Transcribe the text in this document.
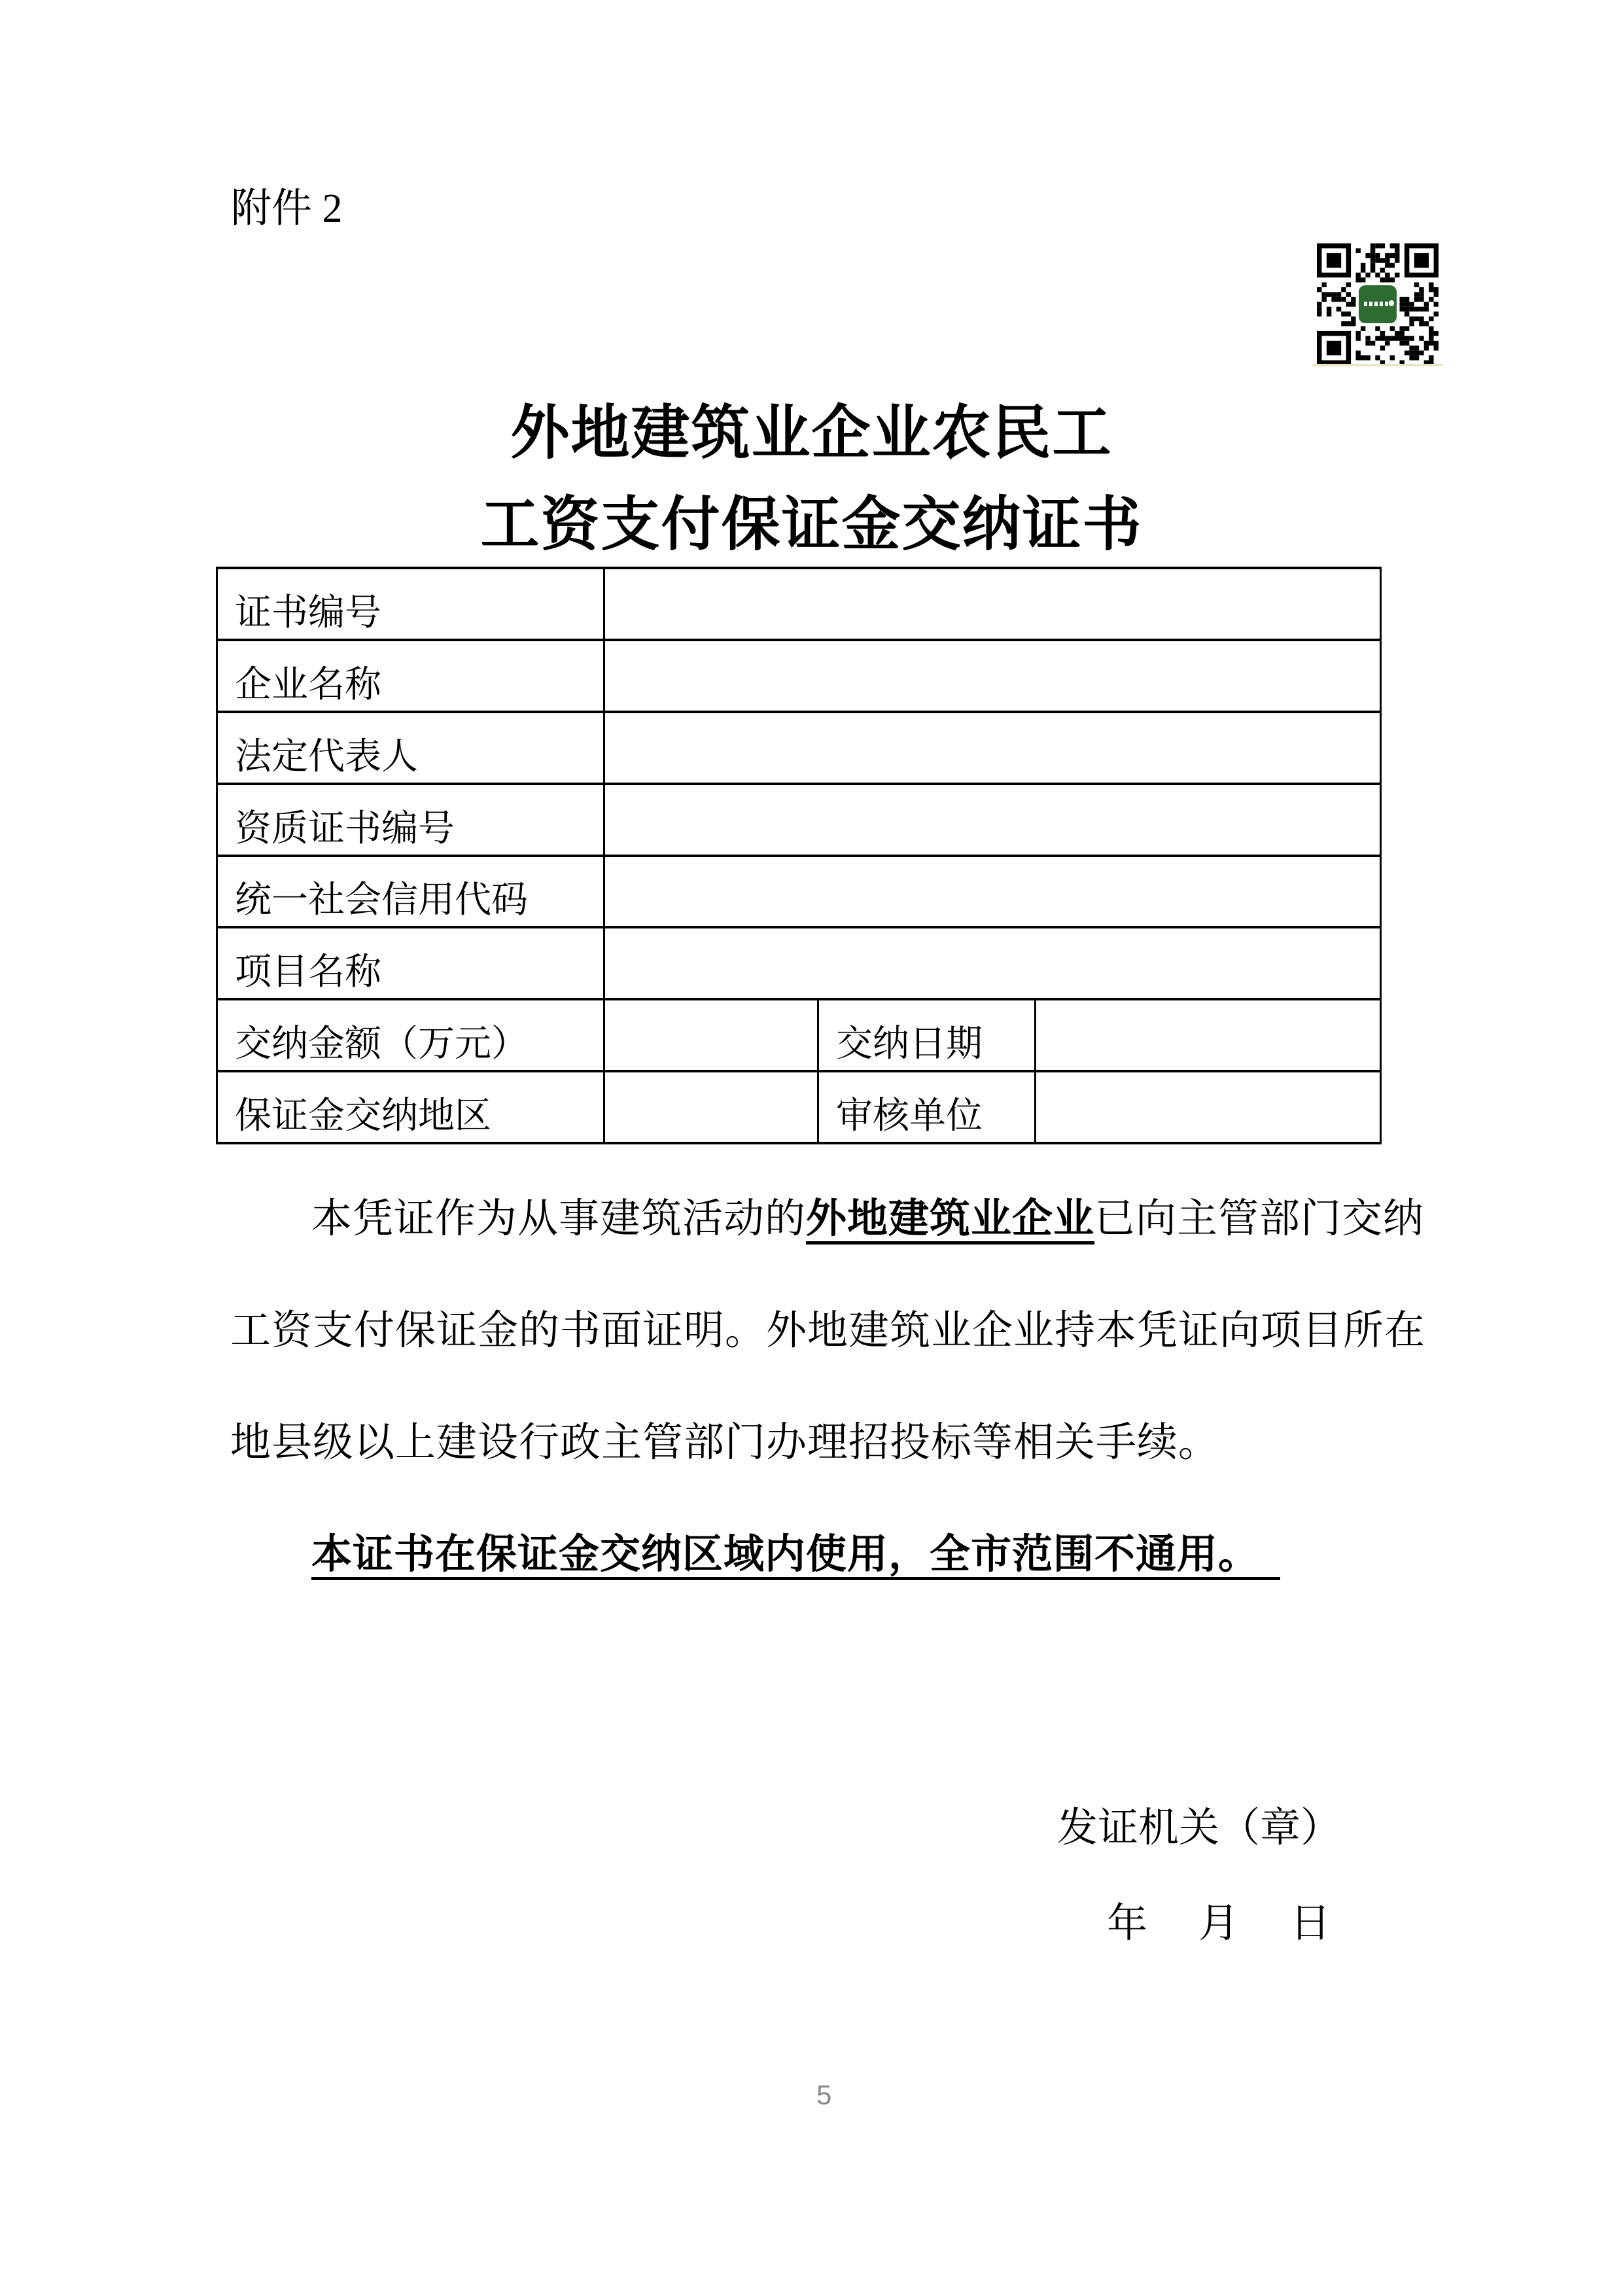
附件 2
外地建筑业企业农民工
工资支付保证金交纳证书
证书编号			
企业名称			
法定代表人			
资质证书编号			
统一社会信用代码			
项目名称			
交纳金额（万元）		交纳日期	
保证金交纳地区		审核单位	
本凭证作为从事建筑活动的外地建筑业企业已向主管部门交纳
工资支付保证金的书面证明。外地建筑业企业持本凭证向项目所在
地县级以上建设行政主管部门办理招投标等相关手续。
本证书在保证金交纳区域内使用，全市范围不通用。　
发证机关（章）
年　月　日
5
